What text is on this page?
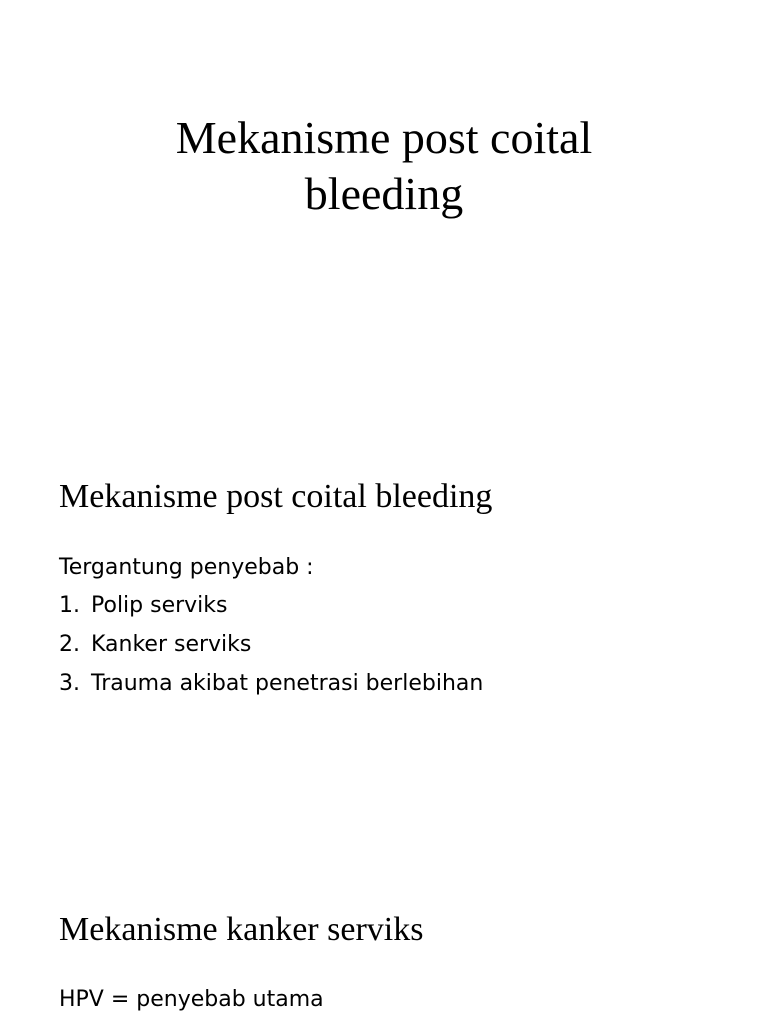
Mekanisme post coital
bleeding
Mekanisme post coital bleeding

Tergantung penyebab :

1. Polip serviks
2. Kanker serviks
3. Trauma akibat penetrasi berlebihan
Mekanisme kanker serviks

HPV = penyebab utama
